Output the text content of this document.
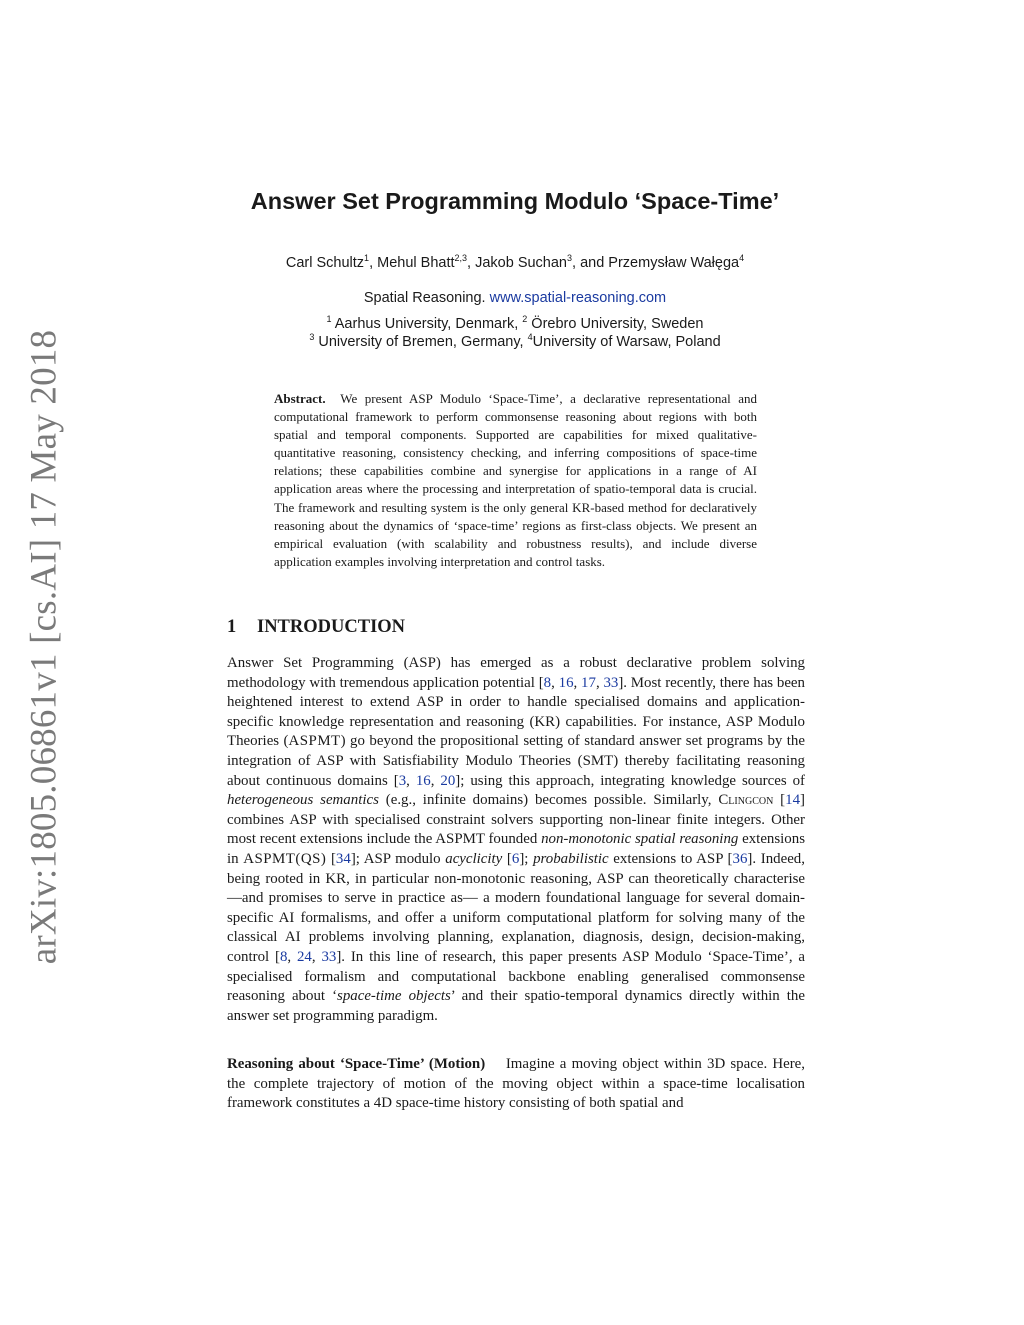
arXiv:1805.06861v1 [cs.AI] 17 May 2018
Answer Set Programming Modulo ‘Space-Time’
Carl Schultz$^1$, Mehul Bhatt$^{2,3}$, Jakob Suchan$^3$, and Przemysław Wałęga$^4$
Spatial Reasoning. www.spatial-reasoning.com
$^1$ Aarhus University, Denmark, $^2$ Örebro University, Sweden
$^3$ University of Bremen, Germany, $^4$University of Warsaw, Poland
Abstract. We present ASP Modulo ‘Space-Time’, a declarative representational and computational framework to perform commonsense reasoning about regions with both spatial and temporal components. Supported are capabilities for mixed qualitative-quantitative reasoning, consistency checking, and inferring compositions of space-time relations; these capabilities combine and synergise for applications in a range of AI application areas where the processing and interpretation of spatio-temporal data is crucial. The framework and resulting system is the only general KR-based method for declaratively reasoning about the dynamics of ‘space-time’ regions as first-class objects. We present an empirical evaluation (with scalability and robustness results), and include diverse application examples involving interpretation and control tasks.
1 INTRODUCTION

Answer Set Programming (ASP) has emerged as a robust declarative problem solving methodology with tremendous application potential [8, 16, 17, 33]. Most recently, there has been heightened interest to extend ASP in order to handle specialised domains and application-specific knowledge representation and reasoning (KR) capabilities. For instance, ASP Modulo Theories (ASPMT) go beyond the propositional setting of standard answer set programs by the integration of ASP with Satisfiability Modulo Theories (SMT) thereby facilitating reasoning about continuous domains [3, 16, 20]; using this approach, integrating knowledge sources of heterogeneous semantics (e.g., infinite domains) becomes possible. Similarly, Clingcon [14] combines ASP with specialised constraint solvers supporting non-linear finite integers. Other most recent extensions include the ASPMT founded non-monotonic spatial reasoning extensions in ASPMT(QS) [34]; ASP modulo acyclicity [6]; probabilistic extensions to ASP [36]. Indeed, being rooted in KR, in particular non-monotonic reasoning, ASP can theoretically characterise —and promises to serve in practice as— a modern foundational language for several domain-specific AI formalisms, and offer a uniform computational platform for solving many of the classical AI problems involving planning, explanation, diagnosis, design, decision-making, control [8, 24, 33]. In this line of research, this paper presents ASP Modulo ‘Space-Time’, a specialised formalism and computational backbone enabling generalised commonsense reasoning about ‘space-time objects’ and their spatio-temporal dynamics directly within the answer set programming paradigm.

Reasoning about ‘Space-Time’ (Motion) Imagine a moving object within 3D space. Here, the complete trajectory of motion of the moving object within a space-time localisation framework constitutes a 4D space-time history consisting of both spatial and
